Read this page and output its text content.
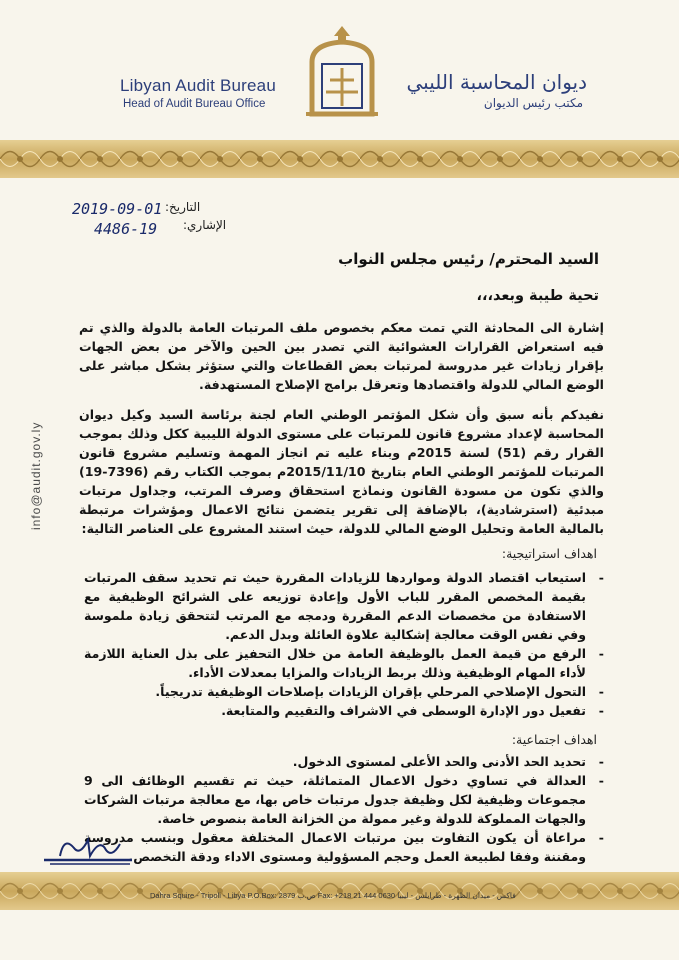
Libyan Audit Bureau
Head of Audit Bureau Office
ديوان المحاسبة الليبي
مكتب رئيس الديوان
التاريخ:
2019-09-01
الإشاري:
4486-19
info@audit.gov.ly
السيد المحترم/ رئيس مجلس النواب
تحية طيبة وبعد،،،
إشارة الى المحادثة التي تمت معكم بخصوص ملف المرتبات العامة بالدولة والذي تم فيه استعراض القرارات العشوائية التي تصدر بين الحين والآخر من بعض الجهات بإقرار زيادات غير مدروسة لمرتبات بعض القطاعات والتي ستؤثر بشكل مباشر على الوضع المالي للدولة واقتصادها وتعرقل برامج الإصلاح المستهدفة.
نفيدكم بأنه سبق وأن شكل المؤتمر الوطني العام لجنة برئاسة السيد وكيل ديوان المحاسبة لإعداد مشروع قانون للمرتبات على مستوى الدولة الليبية ككل وذلك بموجب القرار رقم (51) لسنة 2015م وبناء عليه تم انجاز المهمة وتسليم مشروع قانون المرتبات للمؤتمر الوطني العام بتاريخ 2015/11/10م بموجب الكتاب رقم (7396-19) والذي تكون من مسودة القانون ونماذج استحقاق وصرف المرتب، وجداول مرتبات مبدئية (استرشادية)، بالإضافة إلى تقرير يتضمن نتائج الاعمال ومؤشرات مرتبطة بالمالية العامة وتحليل الوضع المالي للدولة، حيث استند المشروع على العناصر التالية:
اهداف استراتيجية:
- استيعاب اقتصاد الدولة ومواردها للزيادات المقررة حيث تم تحديد سقف المرتبات بقيمة المخصص المقرر للباب الأول وإعادة توزيعه على الشرائح الوظيفية مع الاستفادة من مخصصات الدعم المقررة ودمجه مع المرتب لتتحقق زيادة ملموسة وفي نفس الوقت معالجة إشكالية علاوة العائلة وبدل الدعم.
- الرفع من قيمة العمل بالوظيفة العامة من خلال التحفيز على بذل العناية اللازمة لأداء المهام الوظيفية وذلك بربط الزيادات والمزايا بمعدلات الأداء.
- التحول الإصلاحي المرحلي بإقران الزيادات بإصلاحات الوظيفية تدريجياً.
- تفعيل دور الإدارة الوسطى في الاشراف والتقييم والمتابعة.
اهداف اجتماعية:
- تحديد الحد الأدنى والحد الأعلى لمستوى الدخول.
- العدالة في تساوي دخول الاعمال المتماثلة، حيث تم تقسيم الوظائف الى 9 مجموعات وظيفية لكل وظيفة جدول مرتبات خاص بها، مع معالجة مرتبات الشركات والجهات المملوكة للدولة وغير ممولة من الخزانة العامة بنصوص خاصة.
- مراعاة أن يكون التفاوت بين مرتبات الاعمال المختلفة معقول وبنسب مدروسة ومقننة وفقا لطبيعة العمل وحجم المسؤولية ومستوى الاداء ودقة التخصص.
Dahra Squire - Tripoli - Libya P.O.Box: 2879 ص.ب Fax: +218 21 444 0630 فاكس - ميدان الظهرة - طرابلس - ليبيا
